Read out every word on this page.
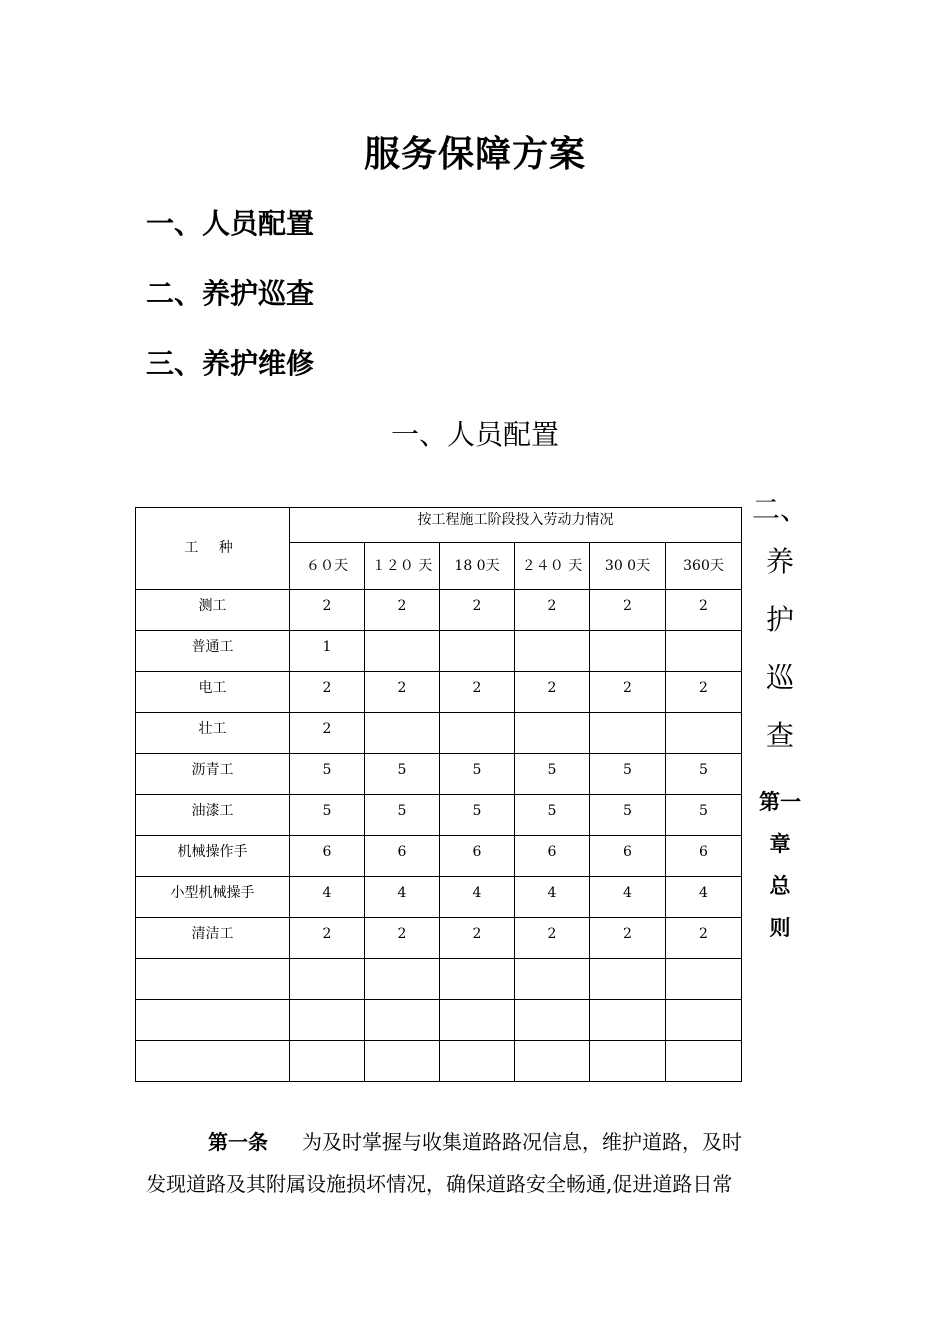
服务保障方案
一、人员配置
二、养护巡查
三、养护维修
一、人员配置
工 种	按工程施工阶段投入劳动力情况					
	６０天	１２０ 天	18 0天	２４０ 天	30 0天	360天
测工	2	2	2	2	2	2
普通工	1					
电工	2	2	2	2	2	2
壮工	2					
沥青工	5	5	5	5	5	5
油漆工	5	5	5	5	5	5
机械操作手	6	6	6	6	6	6
小型机械操手	4	4	4	4	4	4
清洁工	2	2	2	2	2	2

二、
养
护
巡
查
第一
章
总
则
第一条 为及时掌握与收集道路路况信息，维护道路，及时
发现道路及其附属设施损坏情况，确保道路安全畅通,促进道路日常
